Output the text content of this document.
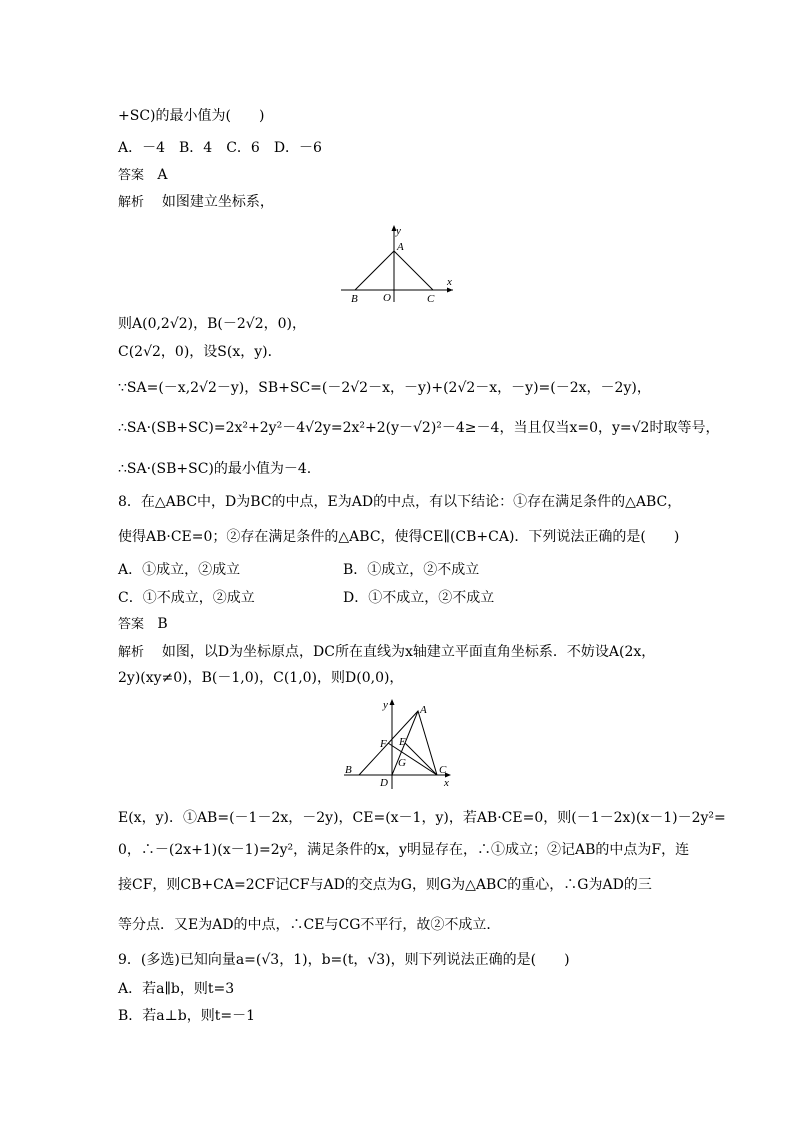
+SC)的最小值为(　　)
A．－4　B．4　C．6　D．－6
答案 A
解析 如图建立坐标系，
y
x
A
B O	C
则A(0,2√2)，B(－2√2，0)，
C(2√2，0)，设S(x，y)．
∵SA=(－x,2√2－y)，SB+SC=(－2√2－x，－y)+(2√2－x，－y)=(－2x，－2y)，
∴SA·(SB+SC)=2x²+2y²－4√2y=2x²+2(y－√2)²－4≥－4，当且仅当x=0，y=√2时取等号，
∴SA·(SB+SC)的最小值为－4.
8．在△ABC中，D为BC的中点，E为AD的中点，有以下结论：①存在满足条件的△ABC，
使得AB·CE=0；②存在满足条件的△ABC，使得CE∥(CB+CA)．下列说法正确的是(　　)
A．①成立，②成立	B．①成立，②不成立
C．①不成立，②成立	D．①不成立，②不成立
答案 B
解析 如图，以D为坐标原点，DC所在直线为x轴建立平面直角坐标系．不妨设A(2x，
2y)(xy≠0)，B(－1,0)，C(1,0)，则D(0,0)，
A
B	C
D
E
F
G
y
x
E(x，y)．①AB=(－1－2x，－2y)，CE=(x－1，y)，若AB·CE=0，则(－1－2x)(x－1)－2y²=
0，∴－(2x+1)(x－1)=2y²，满足条件的x，y明显存在，∴①成立；②记AB的中点为F，连
接CF，则CB+CA=2CF记CF与AD的交点为G，则G为△ABC的重心，∴G为AD的三
等分点．又E为AD的中点，∴CE与CG不平行，故②不成立．
9．(多选)已知向量a=(√3，1)，b=(t，√3)，则下列说法正确的是(　　)
A．若a∥b，则t=3
B．若a⊥b，则t=－1
